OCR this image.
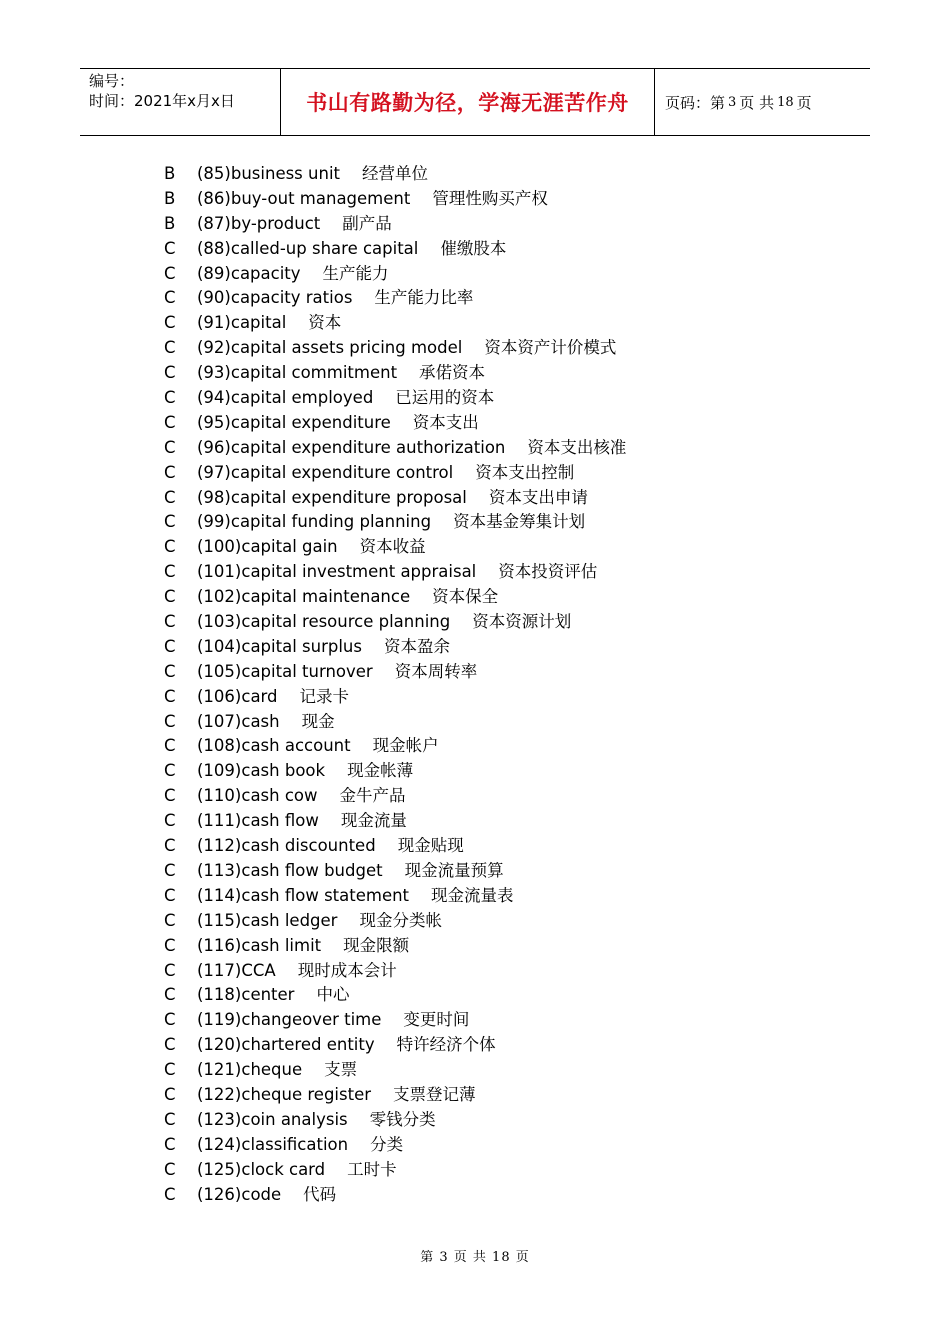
编号：
时间：2021年x月x日	书山有路勤为径，学海无涯苦作舟	页码：第 3 页 共 18 页
B (85)business unit 经营单位
B (86)buy-out management 管理性购买产权
B (87)by-product 副产品
C (88)called-up share capital 催缴股本
C (89)capacity 生产能力
C (90)capacity ratios 生产能力比率
C (91)capital 资本
C (92)capital assets pricing model 资本资产计价模式
C (93)capital commitment 承偌资本
C (94)capital employed 已运用的资本
C (95)capital expenditure 资本支出
C (96)capital expenditure authorization 资本支出核准
C (97)capital expenditure control 资本支出控制
C (98)capital expenditure proposal 资本支出申请
C (99)capital funding planning 资本基金筹集计划
C (100)capital gain 资本收益
C (101)capital investment appraisal 资本投资评估
C (102)capital maintenance 资本保全
C (103)capital resource planning 资本资源计划
C (104)capital surplus 资本盈余
C (105)capital turnover 资本周转率
C (106)card 记录卡
C (107)cash 现金
C (108)cash account 现金帐户
C (109)cash book 现金帐薄
C (110)cash cow 金牛产品
C (111)cash flow 现金流量
C (112)cash discounted 现金贴现
C (113)cash flow budget 现金流量预算
C (114)cash flow statement 现金流量表
C (115)cash ledger 现金分类帐
C (116)cash limit 现金限额
C (117)CCA 现时成本会计
C (118)center 中心
C (119)changeover time 变更时间
C (120)chartered entity 特许经济个体
C (121)cheque 支票
C (122)cheque register 支票登记薄
C (123)coin analysis 零钱分类
C (124)classification 分类
C (125)clock card 工时卡
C (126)code 代码
第 3 页 共 18 页
